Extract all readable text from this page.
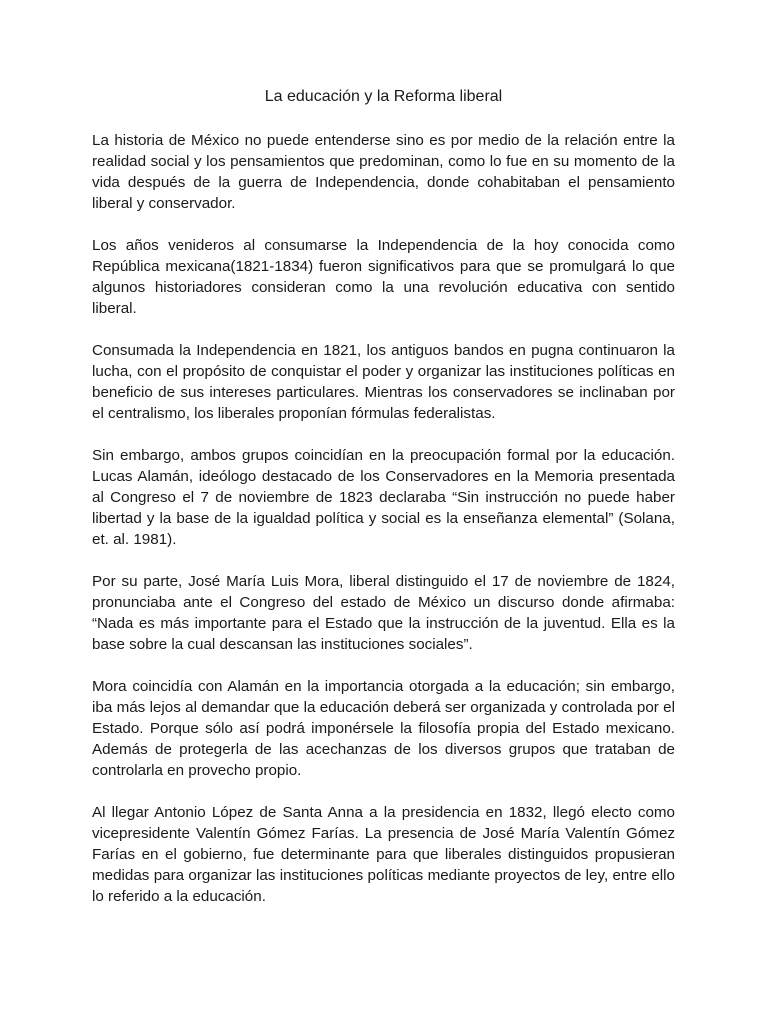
La educación y la Reforma liberal

La historia de México no puede entenderse sino es por medio de la relación entre la realidad social y los pensamientos que predominan, como lo fue en su momento de la vida después de la guerra de Independencia, donde cohabitaban el pensamiento liberal y conservador.

Los años venideros al consumarse la Independencia de la hoy conocida como República mexicana(1821-1834) fueron significativos para que se promulgará lo que algunos historiadores consideran como la una revolución educativa con sentido liberal.

Consumada la Independencia en 1821, los antiguos bandos en pugna continuaron la lucha, con el propósito de conquistar el poder y organizar las instituciones políticas en beneficio de sus intereses particulares. Mientras los conservadores se inclinaban por el centralismo, los liberales proponían fórmulas federalistas.

Sin embargo, ambos grupos coincidían en la preocupación formal por la educación. Lucas Alamán, ideólogo destacado de los Conservadores en la Memoria presentada al Congreso el 7 de noviembre de 1823 declaraba “Sin instrucción no puede haber libertad y la base de la igualdad política y social es la enseñanza elemental” (Solana, et. al. 1981).

Por su parte, José María Luis Mora, liberal distinguido el 17 de noviembre de 1824, pronunciaba ante el Congreso del estado de México un discurso donde afirmaba: “Nada es más importante para el Estado que la instrucción de la juventud. Ella es la base sobre la cual descansan las instituciones sociales”.

Mora coincidía con Alamán en la importancia otorgada a la educación; sin embargo, iba más lejos al demandar que la educación deberá ser organizada y controlada por el Estado. Porque sólo así podrá imponérsele la filosofía propia del Estado mexicano. Además de protegerla de las acechanzas de los diversos grupos que trataban de controlarla en provecho propio.

Al llegar Antonio López de Santa Anna a la presidencia en 1832, llegó electo como vicepresidente Valentín Gómez Farías. La presencia de José María Valentín Gómez Farías en el gobierno, fue determinante para que liberales distinguidos propusieran medidas para organizar las instituciones políticas mediante proyectos de ley, entre ello lo referido a la educación.
